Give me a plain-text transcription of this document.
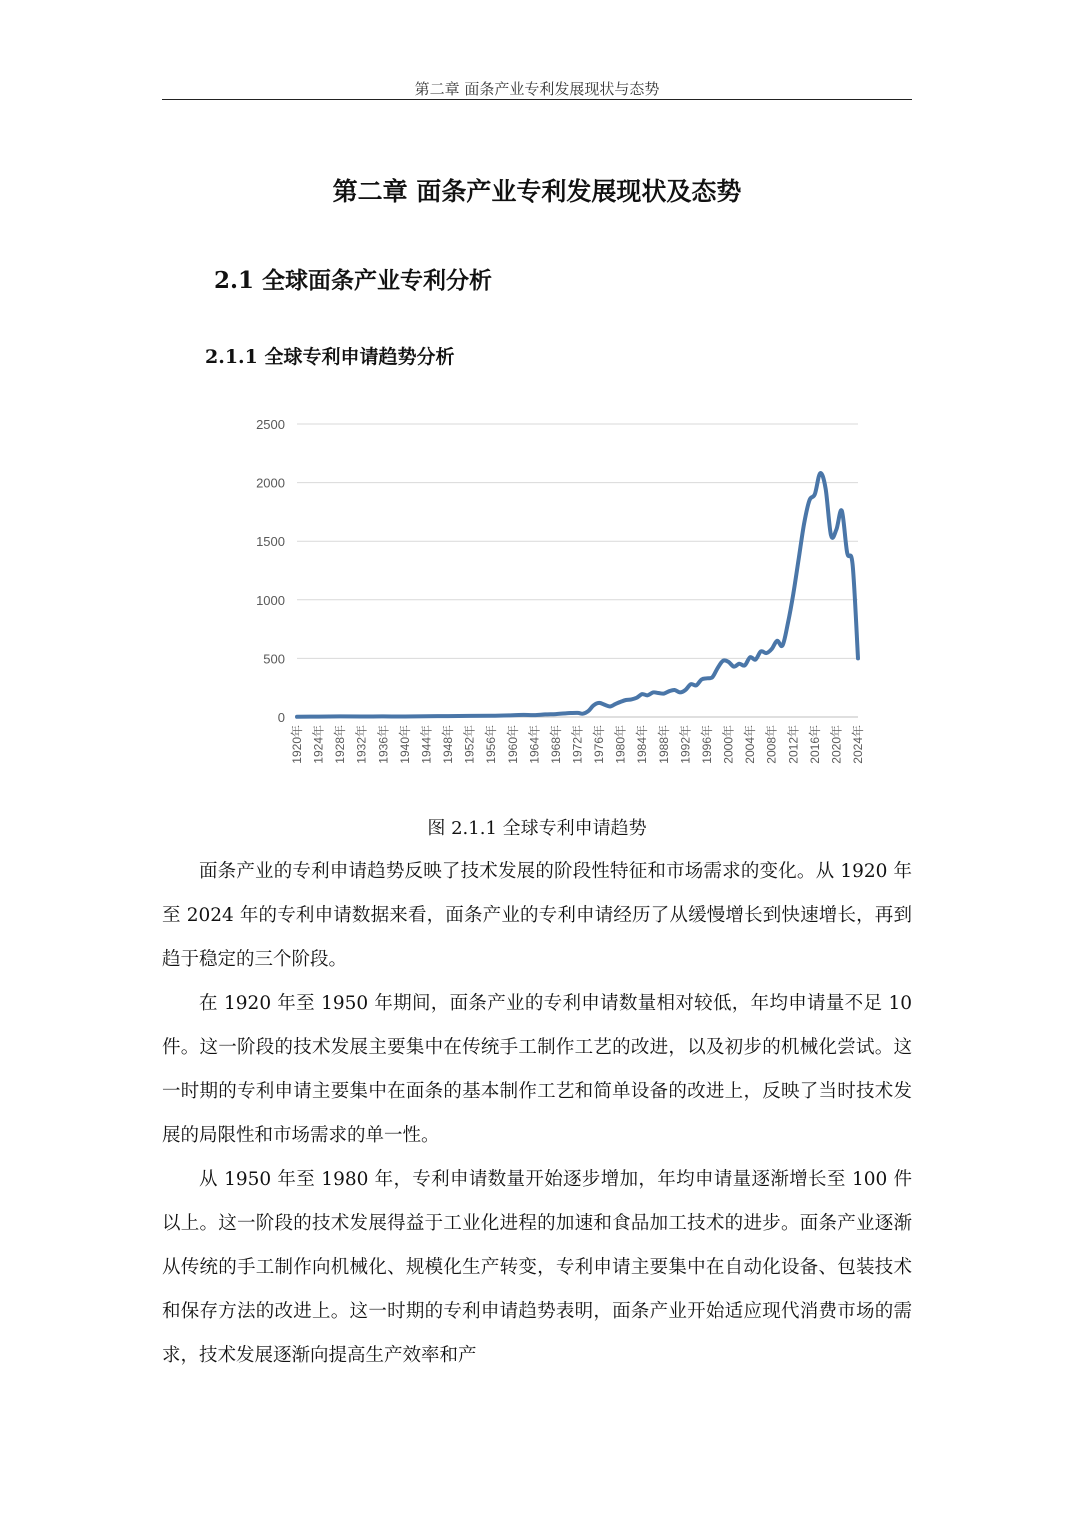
第二章 面条产业专利发展现状与态势
第二章 面条产业专利发展现状及态势
2.1 全球面条产业专利分析
2.1.1 全球专利申请趋势分析
0
500
1000
1500
2000
2500
1920年 1924年 1928年 1932年 1936年 1940年 1944年 1948年 1952年 1956年 1960年 1964年 1968年 1972年 1976年 1980年 1984年 1988年 1992年 1996年 2000年 2004年 2008年 2012年 2016年 2020年 2024年
图 2.1.1 全球专利申请趋势

面条产业的专利申请趋势反映了技术发展的阶段性特征和市场需求的变化。从 1920 年至 2024 年的专利申请数据来看，面条产业的专利申请经历了从缓慢增长到快速增长，再到趋于稳定的三个阶段。

在 1920 年至 1950 年期间，面条产业的专利申请数量相对较低，年均申请量不足 10 件。这一阶段的技术发展主要集中在传统手工制作工艺的改进，以及初步的机械化尝试。这一时期的专利申请主要集中在面条的基本制作工艺和简单设备的改进上，反映了当时技术发展的局限性和市场需求的单一性。

从 1950 年至 1980 年，专利申请数量开始逐步增加，年均申请量逐渐增长至 100 件以上。这一阶段的技术发展得益于工业化进程的加速和食品加工技术的进步。面条产业逐渐从传统的手工制作向机械化、规模化生产转变，专利申请主要集中在自动化设备、包装技术和保存方法的改进上。这一时期的专利申请趋势表明，面条产业开始适应现代消费市场的需求，技术发展逐渐向提高生产效率和产
